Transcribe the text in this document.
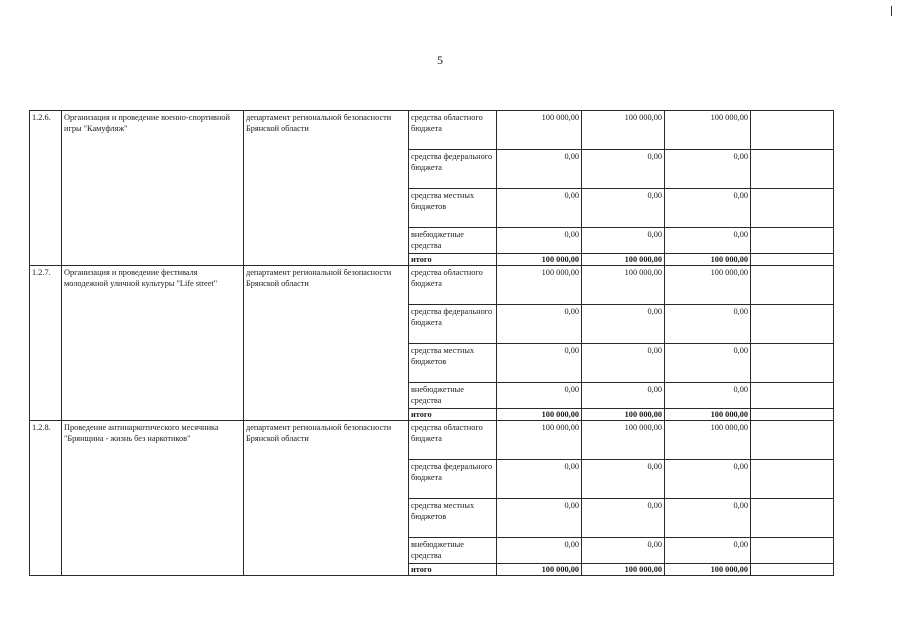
5
1.2.6.	Организация и проведение военно-спортивной игры "Камуфляж"	департамент региональной безопасности Брянской области	средства областного бюджета	100 000,00	100 000,00	100 000,00	
			средства федерального бюджета	0,00	0,00	0,00	
			средства местных бюджетов	0,00	0,00	0,00	
			внебюджетные средства	0,00	0,00	0,00	
			итого	100 000,00	100 000,00	100 000,00	
1.2.7.	Организация и проведение фестиваля молодежной уличной культуры "Life street"	департамент региональной безопасности Брянской области	средства областного бюджета	100 000,00	100 000,00	100 000,00	
			средства федерального бюджета	0,00	0,00	0,00	
			средства местных бюджетов	0,00	0,00	0,00	
			внебюджетные средства	0,00	0,00	0,00	
			итого	100 000,00	100 000,00	100 000,00	
1.2.8.	Проведение антинаркотического месячника "Брянщина - жизнь без наркотиков"	департамент региональной безопасности Брянской области	средства областного бюджета	100 000,00	100 000,00	100 000,00	
			средства федерального бюджета	0,00	0,00	0,00	
			средства местных бюджетов	0,00	0,00	0,00	
			внебюджетные средства	0,00	0,00	0,00	
			итого	100 000,00	100 000,00	100 000,00	
